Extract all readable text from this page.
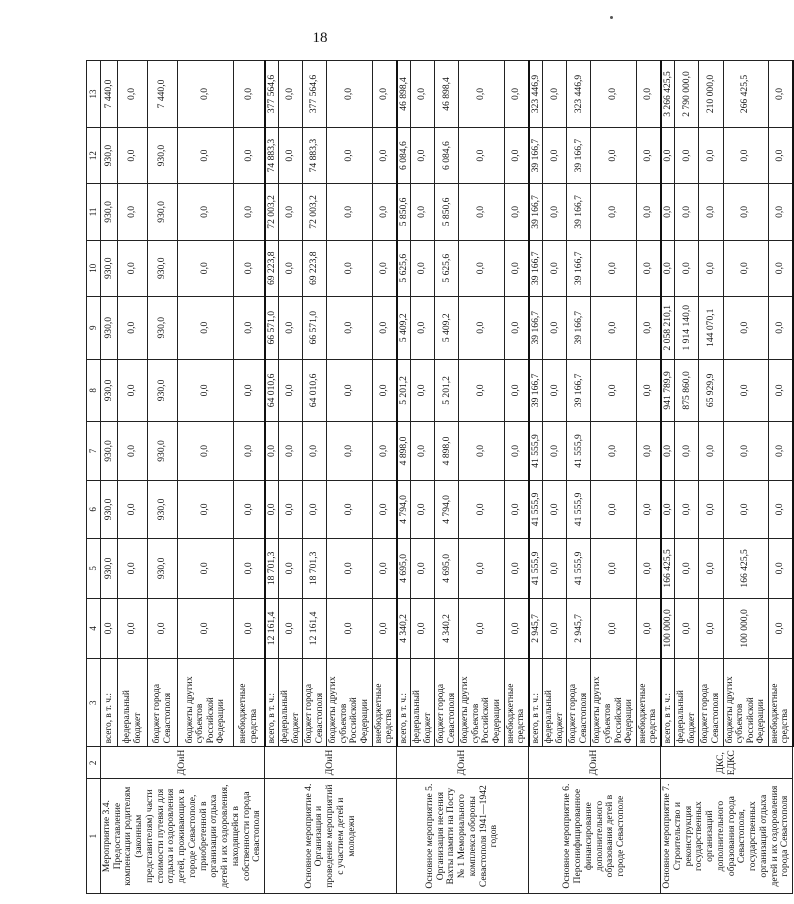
18
1	2	3	4	5	6	7	8	9	10	11	12	13
Мероприятие 3.4. Предоставление компенсации родителям (законным представителям) части стоимости путевки для отдыха и оздоровления детей, проживающих в городе Севастополе, приобретенной в организации отдыха детей и их оздоровления, находящейся в собственности города Севастополя	ДОиН	всего, в т. ч.:	0,0	930,0	930,0	930,0	930,0	930,0	930,0	930,0	930,0	7 440,0
		федеральный бюджет	0,0	0,0	0,0	0,0	0,0	0,0	0,0	0,0	0,0	0,0
		бюджет города Севастополя	0,0	930,0	930,0	930,0	930,0	930,0	930,0	930,0	930,0	7 440,0
		бюджеты других субъектов Российской Федерации	0,0	0,0	0,0	0,0	0,0	0,0	0,0	0,0	0,0	0,0
		внебюджетные средства	0,0	0,0	0,0	0,0	0,0	0,0	0,0	0,0	0,0	0,0
Основное мероприятие 4. Организация и проведение мероприятий с участием детей и молодежи	ДОиН	всего, в т. ч.:	12 161,4	18 701,3	0,0	0,0	64 010,6	66 571,0	69 223,8	72 003,2	74 883,3	377 564,6
		федеральный бюджет	0,0	0,0	0,0	0,0	0,0	0,0	0,0	0,0	0,0	0,0
		бюджет города Севастополя	12 161,4	18 701,3	0,0	0,0	64 010,6	66 571,0	69 223,8	72 003,2	74 883,3	377 564,6
		бюджеты других субъектов Российской Федерации	0,0	0,0	0,0	0,0	0,0	0,0	0,0	0,0	0,0	0,0
		внебюджетные средства	0,0	0,0	0,0	0,0	0,0	0,0	0,0	0,0	0,0	0,0
Основное мероприятие 5. Организация несения Вахты памяти на Посту № 1 Мемориального комплекса обороны Севастополя 1941—1942 годов	ДОиН	всего, в т. ч.:	4 340,2	4 695,0	4 794,0	4 898,0	5 201,2	5 409,2	5 625,6	5 850,6	6 084,6	46 898,4
		федеральный бюджет	0,0	0,0	0,0	0,0	0,0	0,0	0,0	0,0	0,0	0,0
		бюджет города Севастополя	4 340,2	4 695,0	4 794,0	4 898,0	5 201,2	5 409,2	5 625,6	5 850,6	6 084,6	46 898,4
		бюджеты других субъектов Российской Федерации	0,0	0,0	0,0	0,0	0,0	0,0	0,0	0,0	0,0	0,0
		внебюджетные средства	0,0	0,0	0,0	0,0	0,0	0,0	0,0	0,0	0,0	0,0
Основное мероприятие 6. Персонифицированное финансирование дополнительного образования детей в городе Севастополе	ДОиН	всего, в т. ч.:	2 945,7	41 555,9	41 555,9	41 555,9	39 166,7	39 166,7	39 166,7	39 166,7	39 166,7	323 446,9
		федеральный бюджет	0,0	0,0	0,0	0,0	0,0	0,0	0,0	0,0	0,0	0,0
		бюджет города Севастополя	2 945,7	41 555,9	41 555,9	41 555,9	39 166,7	39 166,7	39 166,7	39 166,7	39 166,7	323 446,9
		бюджеты других субъектов Российской Федерации	0,0	0,0	0,0	0,0	0,0	0,0	0,0	0,0	0,0	0,0
		внебюджетные средства	0,0	0,0	0,0	0,0	0,0	0,0	0,0	0,0	0,0	0,0
Основное мероприятие 7. Строительство и реконструкция государственных организаций дополнительного образования города Севастополя, государственных организаций отдыха детей и их оздоровления города Севастополя	ДКС, ЕДКС	всего, в т. ч.:	100 000,0	166 425,5	0,0	0,0	941 789,9	2 058 210,1	0,0	0,0	0,0	3 266 425,5
		федеральный бюджет	0,0	0,0	0,0	0,0	875 860,0	1 914 140,0	0,0	0,0	0,0	2 790 000,0
		бюджет города Севастополя	0,0	0,0	0,0	0,0	65 929,9	144 070,1	0,0	0,0	0,0	210 000,0
		бюджеты других субъектов Российской Федерации	100 000,0	166 425,5	0,0	0,0	0,0	0,0	0,0	0,0	0,0	266 425,5
		внебюджетные средства	0,0	0,0	0,0	0,0	0,0	0,0	0,0	0,0	0,0	0,0
